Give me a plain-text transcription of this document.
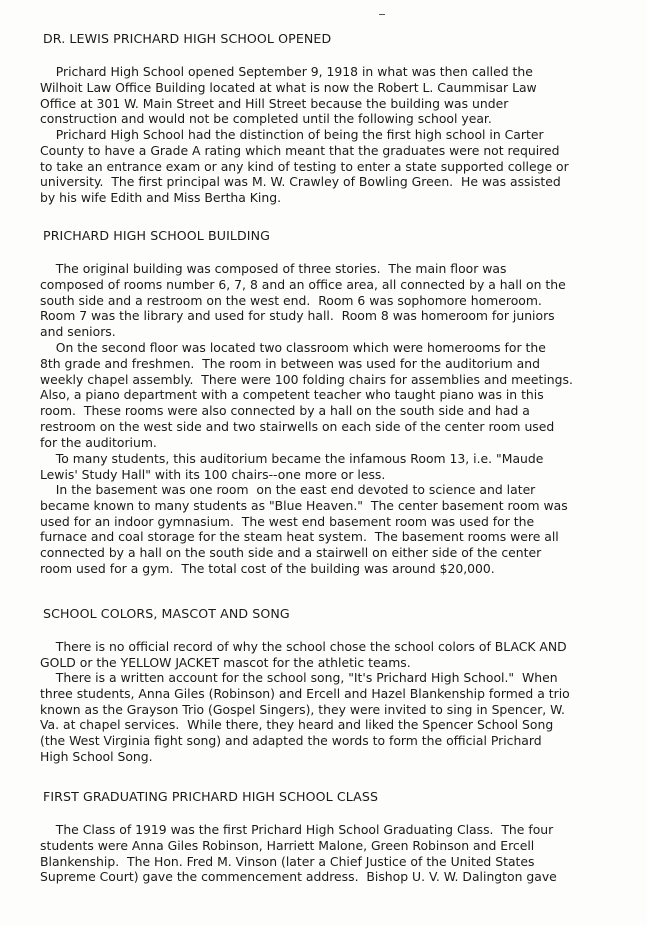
DR. LEWIS PRICHARD HIGH SCHOOL OPENED
Prichard High School opened September 9, 1918 in what was then called the
Wilhoit Law Office Building located at what is now the Robert L. Caummisar Law
Office at 301 W. Main Street and Hill Street because the building was under
construction and would not be completed until the following school year.
Prichard High School had the distinction of being the first high school in Carter
County to have a Grade A rating which meant that the graduates were not required
to take an entrance exam or any kind of testing to enter a state supported college or
university.  The first principal was M. W. Crawley of Bowling Green.  He was assisted
by his wife Edith and Miss Bertha King.
PRICHARD HIGH SCHOOL BUILDING
The original building was composed of three stories.  The main floor was
composed of rooms number 6, 7, 8 and an office area, all connected by a hall on the
south side and a restroom on the west end.  Room 6 was sophomore homeroom.
Room 7 was the library and used for study hall.  Room 8 was homeroom for juniors
and seniors.
On the second floor was located two classroom which were homerooms for the
8th grade and freshmen.  The room in between was used for the auditorium and
weekly chapel assembly.  There were 100 folding chairs for assemblies and meetings.
Also, a piano department with a competent teacher who taught piano was in this
room.  These rooms were also connected by a hall on the south side and had a
restroom on the west side and two stairwells on each side of the center room used
for the auditorium.
To many students, this auditorium became the infamous Room 13, i.e. "Maude
Lewis' Study Hall" with its 100 chairs--one more or less.
In the basement was one room  on the east end devoted to science and later
became known to many students as "Blue Heaven."  The center basement room was
used for an indoor gymnasium.  The west end basement room was used for the
furnace and coal storage for the steam heat system.  The basement rooms were all
connected by a hall on the south side and a stairwell on either side of the center
room used for a gym.  The total cost of the building was around $20,000.
SCHOOL COLORS, MASCOT AND SONG
There is no official record of why the school chose the school colors of BLACK AND
GOLD or the YELLOW JACKET mascot for the athletic teams.
There is a written account for the school song, "It's Prichard High School."  When
three students, Anna Giles (Robinson) and Ercell and Hazel Blankenship formed a trio
known as the Grayson Trio (Gospel Singers), they were invited to sing in Spencer, W.
Va. at chapel services.  While there, they heard and liked the Spencer School Song
(the West Virginia fight song) and adapted the words to form the official Prichard
High School Song.
FIRST GRADUATING PRICHARD HIGH SCHOOL CLASS
The Class of 1919 was the first Prichard High School Graduating Class.  The four
students were Anna Giles Robinson, Harriett Malone, Green Robinson and Ercell
Blankenship.  The Hon. Fred M. Vinson (later a Chief Justice of the United States
Supreme Court) gave the commencement address.  Bishop U. V. W. Dalington gave
